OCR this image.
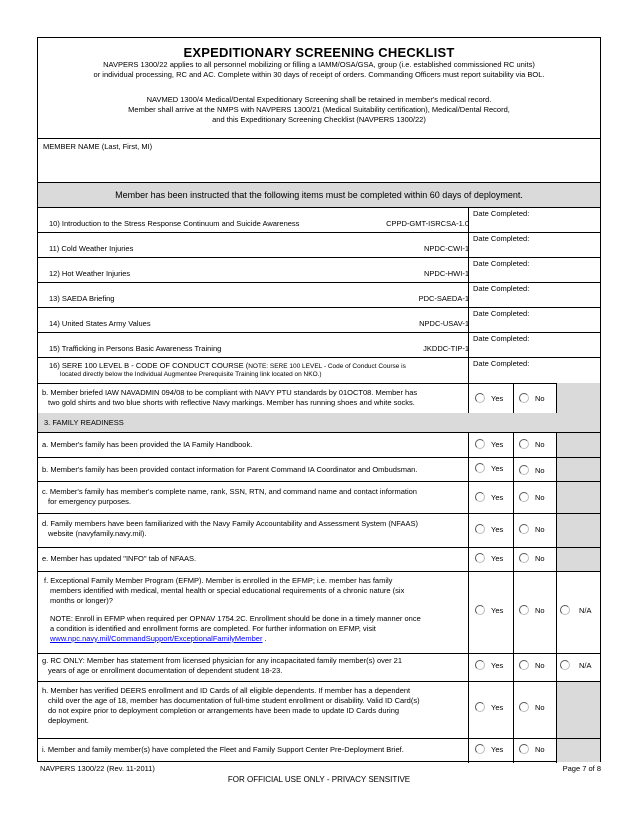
EXPEDITIONARY SCREENING CHECKLIST
NAVPERS 1300/22 applies to all personnel mobilizing or filling a IAMM/OSA/GSA, group (i.e. established commissioned RC units)
or individual processing, RC and AC. Complete within 30 days of receipt of orders. Commanding Officers must report suitability via BOL.
NAVMED 1300/4 Medical/Dental Expeditionary Screening shall be retained in member's medical record.
Member shall arrive at the NMPS with NAVPERS 1300/21 (Medical Suitability certification), Medical/Dental Record,
and this Expeditionary Screening Checklist (NAVPERS 1300/22)
MEMBER NAME (Last, First, MI)
Member has been instructed that the following items must be completed within 60 days of deployment.
10) Introduction to the Stress Response Continuum and Suicide Awareness	CPPD-GMT-ISRCSA-1.0
Date Completed:
11) Cold Weather Injuries	NPDC-CWI-1
Date Completed:
12) Hot Weather Injuries	NPDC-HWI-1
Date Completed:
13) SAEDA Briefing	PDC-SAEDA-1
Date Completed:
14) United States Army Values	NPDC-USAV-1
Date Completed:
15) Trafficking in Persons Basic Awareness Training	JKDDC-TIP-1
Date Completed:
16) SERE 100 LEVEL B - CODE OF CONDUCT COURSE (NOTE: SERE 100 LEVEL - Code of Conduct Course is
located directly below the Individual Augmentee Prerequisite Training link located on NKO.)
Date Completed:
b. Member briefed IAW NAVADMIN 094/08 to be compliant with NAVY PTU standards by 01OCT08. Member has
two gold shirts and two blue shorts with reflective Navy markings. Member has running shoes and white socks.	Yes	No
3. FAMILY READINESS
a. Member's family has been provided the IA Family Handbook.	Yes	No
b. Member's family has been provided contact information for Parent Command IA Coordinator and Ombudsman.	Yes	No
c. Member's family has member's complete name, rank, SSN, RTN, and command name and contact information
for emergency purposes.	Yes	No
d. Family members have been familiarized with the Navy Family Accountability and Assessment System (NFAAS)
website (navyfamily.navy.mil).	Yes	No
e. Member has updated "INFO" tab of NFAAS.	Yes	No
f. Exceptional Family Member Program (EFMP). Member is enrolled in the EFMP; i.e. member has family
members identified with medical, mental health or special educational requirements of a chronic nature (six
months or longer)?
NOTE: Enroll in EFMP when required per OPNAV 1754.2C. Enrollment should be done in a timely manner once
a condition is identified and enrollment forms are completed. For further information on EFMP, visit
www.npc.navy.mil/CommandSupport/ExceptionalFamilyMember .
Yes	No	N/A
g. RC ONLY: Member has statement from licensed physician for any incapacitated family member(s) over 21
years of age or enrollment documentation of dependent student 18-23.
Yes	No	N/A
h. Member has verified DEERS enrollment and ID Cards of all eligible dependents. If member has a dependent
child over the age of 18, member has documentation of full-time student enrollment or disability. Valid ID Card(s)
do not expire prior to deployment completion or arrangements have been made to update ID Cards during
deployment.
Yes	No
i. Member and family member(s) have completed the Fleet and Family Support Center Pre-Deployment Brief.	Yes	No
NAVPERS 1300/22 (Rev. 11-2011)	Page 7 of 8
FOR OFFICIAL USE ONLY - PRIVACY SENSITIVE
